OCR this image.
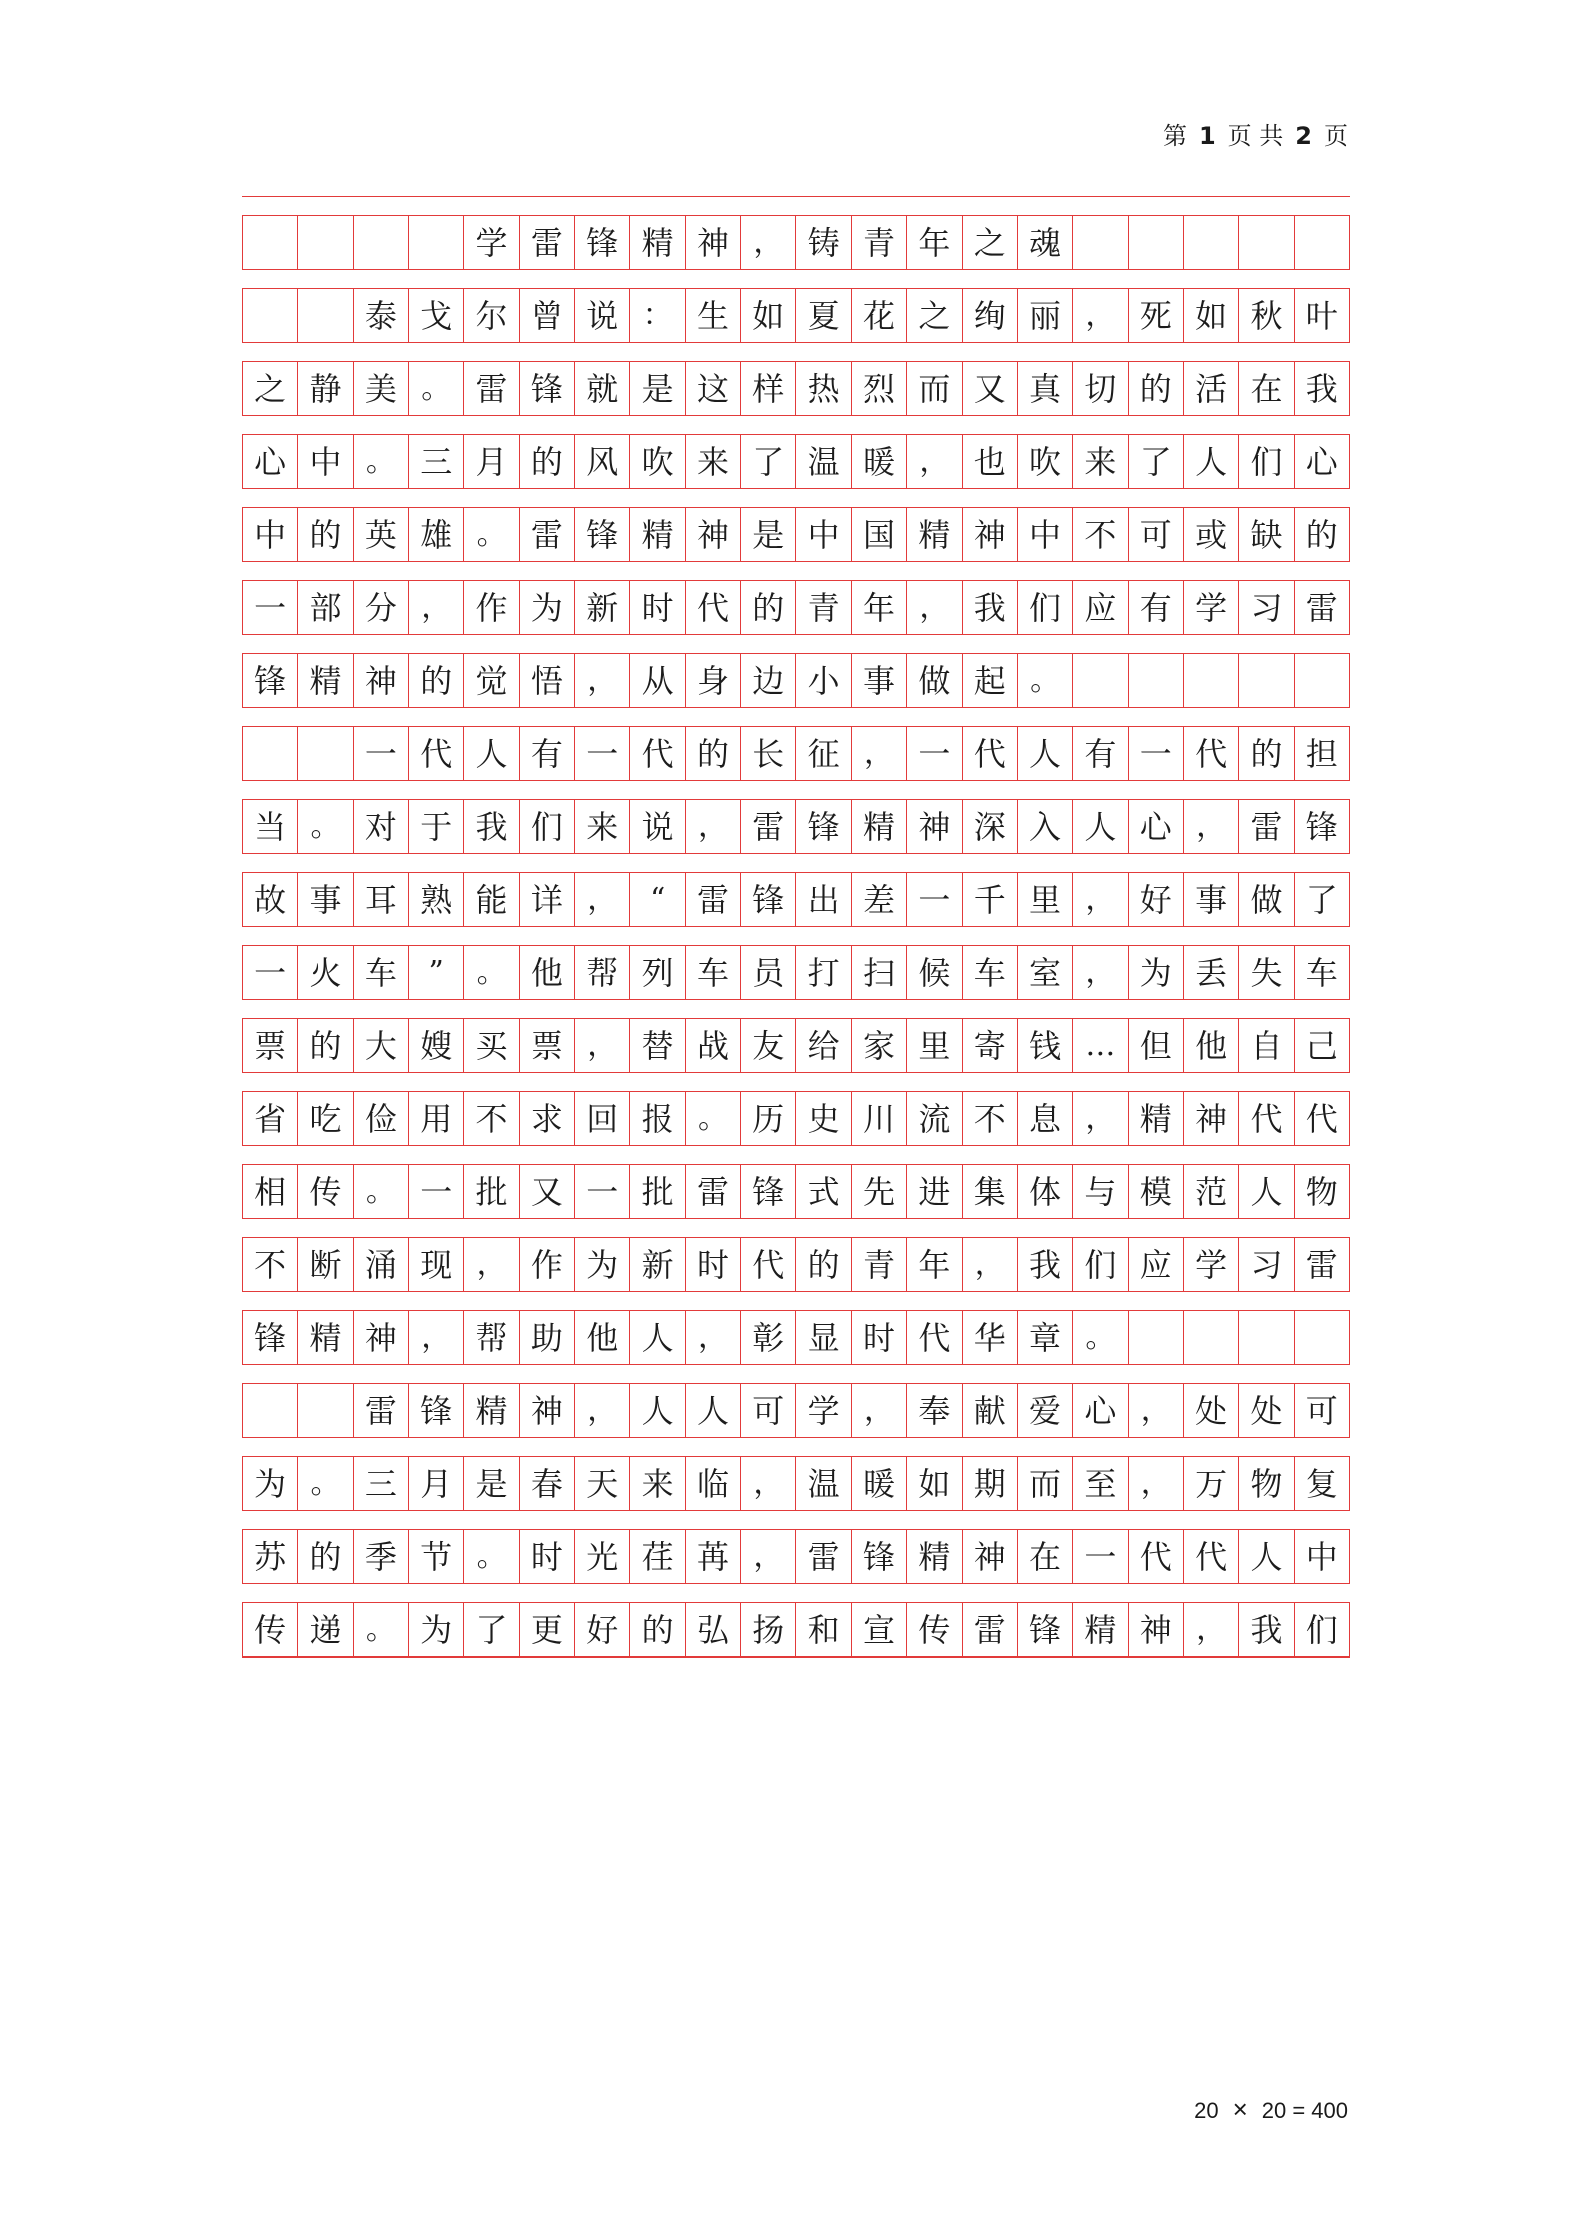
第 1 页 共 2 页
学 雷 锋 精 神 ， 铸 青 年 之 魂
泰 戈 尔 曾 说 ： 生 如 夏 花 之 绚 丽 ， 死 如 秋 叶
之 静 美 。 雷 锋 就 是 这 样 热 烈 而 又 真 切 的 活 在 我
心 中 。 三 月 的 风 吹 来 了 温 暖 ， 也 吹 来 了 人 们 心
中 的 英 雄 。 雷 锋 精 神 是 中 国 精 神 中 不 可 或 缺 的
一 部 分 ， 作 为 新 时 代 的 青 年 ， 我 们 应 有 学 习 雷
锋 精 神 的 觉 悟 ， 从 身 边 小 事 做 起 。
一 代 人 有 一 代 的 长 征 ， 一 代 人 有 一 代 的 担
当 。 对 于 我 们 来 说 ， 雷 锋 精 神 深 入 人 心 ， 雷 锋
故 事 耳 熟 能 详 ，	“ 雷 锋 出 差 一 千 里 ， 好 事 做 了
一 火 车	”	。 他 帮 列 车 员 打 扫 候 车 室 ， 为 丢 失 车
票 的 大 嫂 买 票 ， 替 战 友 给 家 里 寄 钱 … 但 他 自 己
省 吃 俭 用 不 求 回 报 。 历 史 川 流 不 息 ， 精 神 代 代
相 传 。 一 批 又 一 批 雷 锋 式 先 进 集 体 与 模 范 人 物
不 断 涌 现 ， 作 为 新 时 代 的 青 年 ， 我 们 应 学 习 雷
锋 精 神 ， 帮 助 他 人 ， 彰 显 时 代 华 章 。
雷 锋 精 神 ， 人 人 可 学 ， 奉 献 爱 心 ， 处 处 可
为 。 三 月 是 春 天 来 临 ， 温 暖 如 期 而 至 ， 万 物 复
苏 的 季 节 。 时 光 荏 苒 ， 雷 锋 精 神 在 一 代 代 人 中
传 递 。 为 了 更 好 的 弘 扬 和 宣 传 雷 锋 精 神 ， 我 们
20 × 20 = 400
